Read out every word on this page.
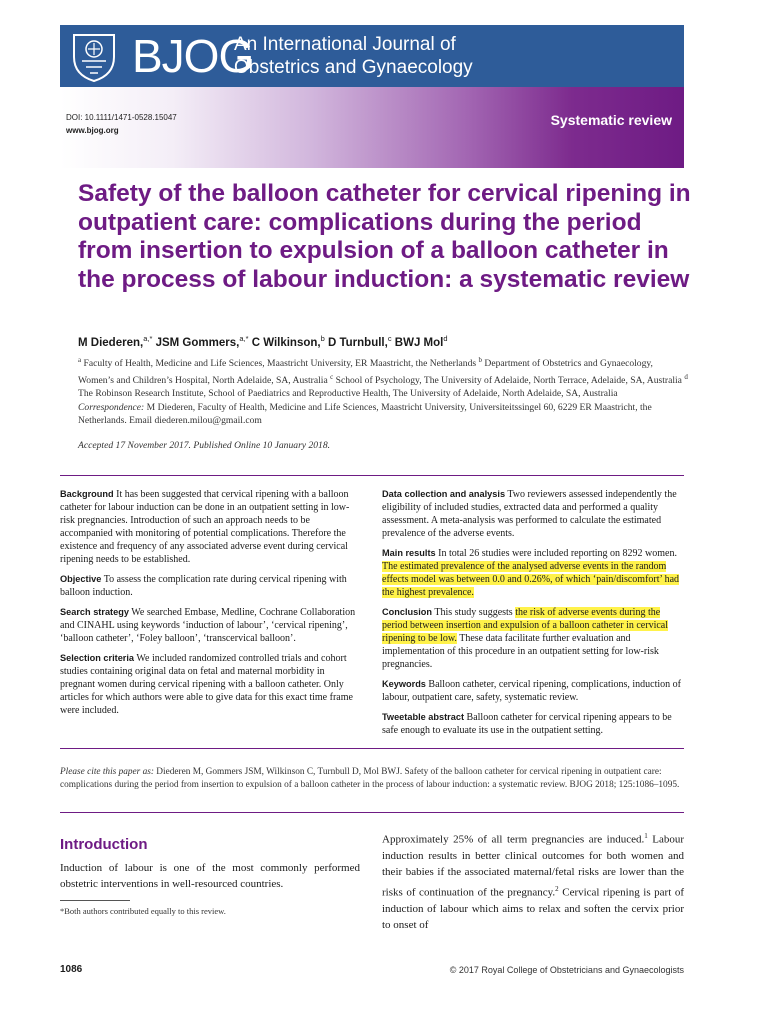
BJOG
An International Journal of
Obstetrics and Gynaecology
DOI: 10.1111/1471-0528.15047
www.bjog.org
Systematic review
Safety of the balloon catheter for cervical ripening in outpatient care: complications during the period from insertion to expulsion of a balloon catheter in the process of labour induction: a systematic review
M Diederen,$^{a,*}$ JSM Gommers,$^{a,*}$ C Wilkinson,$^b$ D Turnbull,$^c$ BWJ Mol$^d$
$^a$ Faculty of Health, Medicine and Life Sciences, Maastricht University, ER Maastricht, the Netherlands $^b$ Department of Obstetrics and Gynaecology, Women’s and Children’s Hospital, North Adelaide, SA, Australia $^c$ School of Psychology, The University of Adelaide, North Terrace, Adelaide, SA, Australia $^d$ The Robinson Research Institute, School of Paediatrics and Reproductive Health, The University of Adelaide, North Adelaide, SA, Australia
Correspondence: M Diederen, Faculty of Health, Medicine and Life Sciences, Maastricht University, Universiteitssingel 60, 6229 ER Maastricht, the Netherlands. Email diederen.milou@gmail.com
Accepted 17 November 2017. Published Online 10 January 2018.

Background It has been suggested that cervical ripening with a balloon catheter for labour induction can be done in an outpatient setting in low-risk pregnancies. Introduction of such an approach needs to be accompanied with monitoring of potential complications. Therefore the existence and frequency of any associated adverse event during cervical ripening needs to be established.

Objective To assess the complication rate during cervical ripening with balloon induction.

Search strategy We searched Embase, Medline, Cochrane Collaboration and CINAHL using keywords ‘induction of labour’, ‘cervical ripening’, ‘balloon catheter’, ‘Foley balloon’, ‘transcervical balloon’.

Selection criteria We included randomized controlled trials and cohort studies containing original data on fetal and maternal morbidity in pregnant women during cervical ripening with a balloon catheter. Only articles for which authors were able to give data for this exact time frame were included.

Data collection and analysis Two reviewers assessed independently the eligibility of included studies, extracted data and performed a quality assessment. A meta-analysis was performed to calculate the estimated prevalence of the adverse events.

Main results In total 26 studies were included reporting on 8292 women. The estimated prevalence of the analysed adverse events in the random effects model was between 0.0 and 0.26%, of which ‘pain/discomfort’ had the highest prevalence.

Conclusion This study suggests the risk of adverse events during the period between insertion and expulsion of a balloon catheter in cervical ripening to be low. These data facilitate further evaluation and implementation of this procedure in an outpatient setting for low-risk pregnancies.

Keywords Balloon catheter, cervical ripening, complications, induction of labour, outpatient care, safety, systematic review.

Tweetable abstract Balloon catheter for cervical ripening appears to be safe enough to evaluate its use in the outpatient setting.

Please cite this paper as: Diederen M, Gommers JSM, Wilkinson C, Turnbull D, Mol BWJ. Safety of the balloon catheter for cervical ripening in outpatient care: complications during the period from insertion to expulsion of a balloon catheter in the process of labour induction: a systematic review. BJOG 2018; 125:1086–1095.
Introduction
Induction of labour is one of the most commonly performed obstetric interventions in well-resourced countries.
*Both authors contributed equally to this review.
Approximately 25% of all term pregnancies are induced.$^1$ Labour induction results in better clinical outcomes for both women and their babies if the associated maternal/fetal risks are lower than the risks of continuation of the pregnancy.$^2$ Cervical ripening is part of induction of labour which aims to relax and soften the cervix prior to onset of
1086	© 2017 Royal College of Obstetricians and Gynaecologists
